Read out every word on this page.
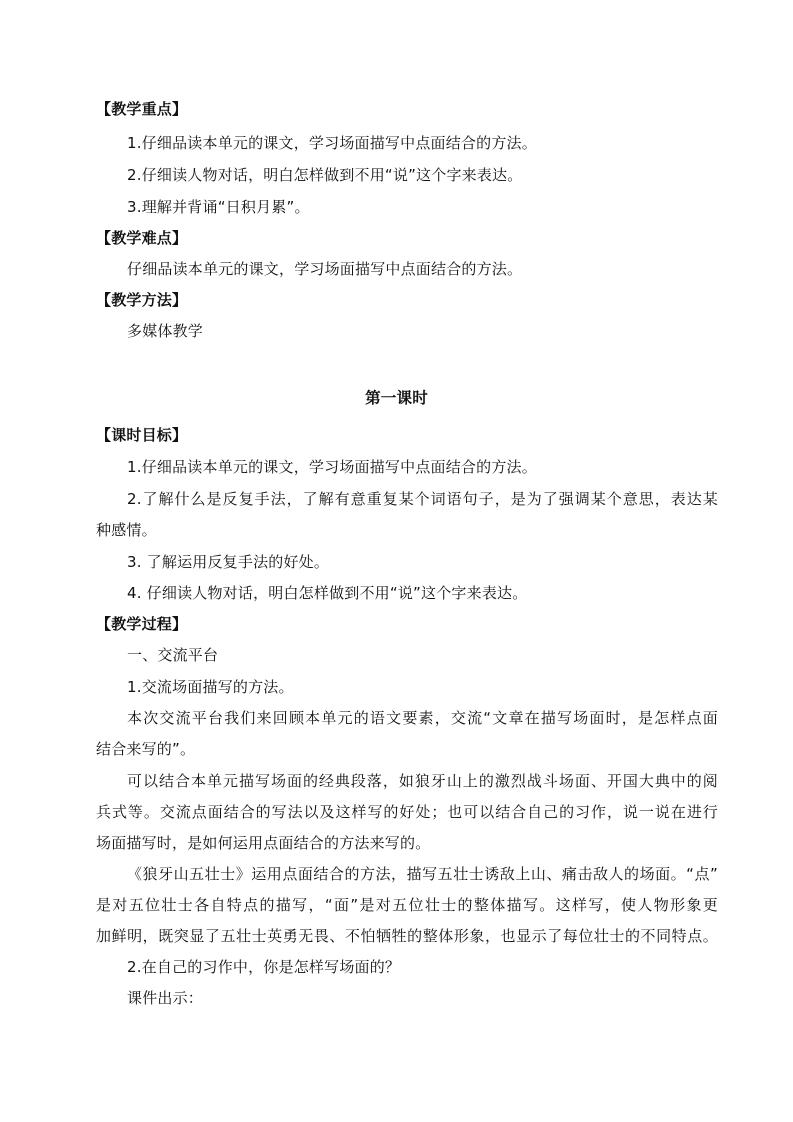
【教学重点】
1.仔细品读本单元的课文，学习场面描写中点面结合的方法。
2.仔细读人物对话，明白怎样做到不用“说”这个字来表达。
3.理解并背诵“日积月累”。
【教学难点】
仔细品读本单元的课文，学习场面描写中点面结合的方法。
【教学方法】
多媒体教学
第一课时
【课时目标】
1.仔细品读本单元的课文，学习场面描写中点面结合的方法。
2.了解什么是反复手法，了解有意重复某个词语句子，是为了强调某个意思，表达某
种感情。
3. 了解运用反复手法的好处。
4. 仔细读人物对话，明白怎样做到不用“说”这个字来表达。
【教学过程】
一、交流平台
1.交流场面描写的方法。
本次交流平台我们来回顾本单元的语文要素，交流“文章在描写场面时，是怎样点面
结合来写的”。
可以结合本单元描写场面的经典段落，如狼牙山上的激烈战斗场面、开国大典中的阅
兵式等。交流点面结合的写法以及这样写的好处；也可以结合自己的习作，说一说在进行
场面描写时，是如何运用点面结合的方法来写的。
《狼牙山五壮士》运用点面结合的方法，描写五壮士诱敌上山、痛击敌人的场面。“点”
是对五位壮士各自特点的描写，“面”是对五位壮士的整体描写。这样写，使人物形象更
加鲜明，既突显了五壮士英勇无畏、不怕牺牲的整体形象，也显示了每位壮士的不同特点。
2.在自己的习作中，你是怎样写场面的？
课件出示：
